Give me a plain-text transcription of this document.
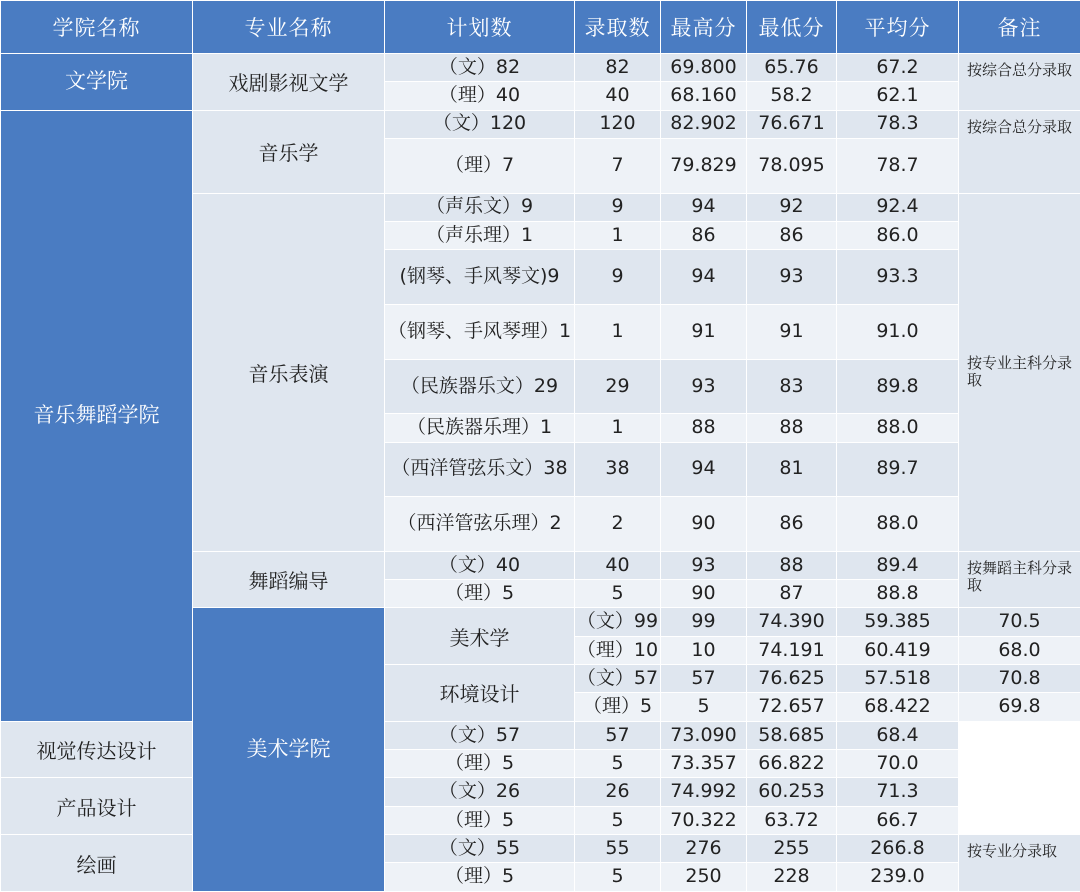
学院名称	专业名称	计划数	录取数	最高分	最低分	平均分	备注	
文学院	戏剧影视文学	（文）82	82	69.800	65.76	67.2	按综合总分录取	
		（理）40	40	68.160	58.2	62.1		
音乐舞蹈学院	音乐学	（文）120	120	82.902	76.671	78.3	按综合总分录取	
		（理）7	7	79.829	78.095	78.7		
	音乐表演	（声乐文）9	9	94	92	92.4	按专业主科分录取	
		（声乐理）1	1	86	86	86.0		
		(钢琴、手风琴文)9	9	94	93	93.3		
		（钢琴、手风琴理）1	1	91	91	91.0		
		（民族器乐文）29	29	93	83	89.8		
		（民族器乐理）1	1	88	88	88.0		
		（西洋管弦乐文）38	38	94	81	89.7		
		（西洋管弦乐理）2	2	90	86	88.0		
	舞蹈编导	（文）40	40	93	88	89.4	按舞蹈主科分录取	
		（理）5	5	90	87	88.8		
	美术学院	美术学	（文）99	99	74.390	59.385	70.5	
			（理）10	10	74.191	60.419	68.0	
		环境设计	（文）57	57	76.625	57.518	70.8	
			（理）5	5	72.657	68.422	69.8	
视觉传达设计		（文）57	57	73.090	58.685	68.4		
		（理）5	5	73.357	66.822	70.0		
产品设计		（文）26	26	74.992	60.253	71.3		
		（理）5	5	70.322	63.72	66.7		
绘画		（文）55	55	276	255	266.8	按专业分录取	
		（理）5	5	250	228	239.0		
